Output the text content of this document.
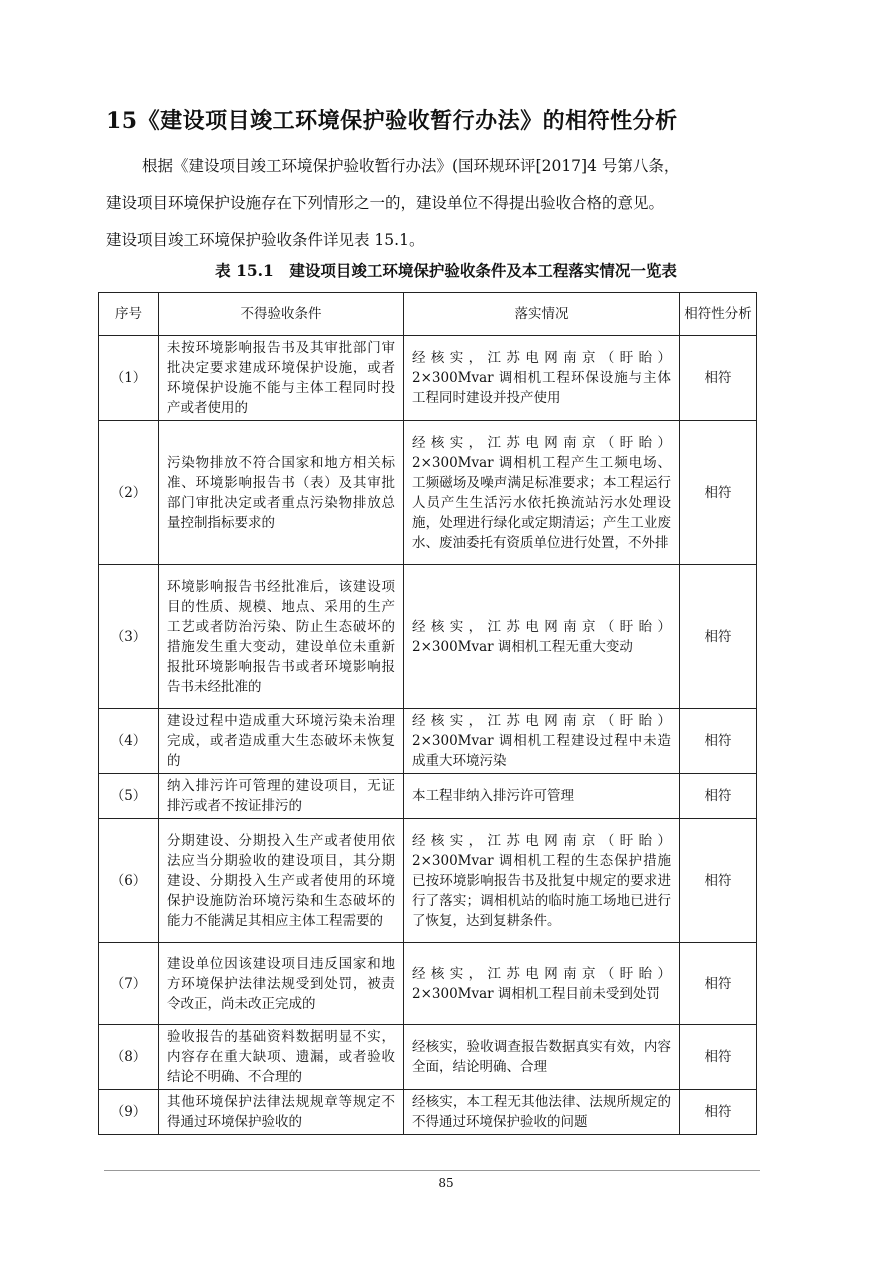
15《建设项目竣工环境保护验收暂行办法》的相符性分析

根据《建设项目竣工环境保护验收暂行办法》(国环规环评[2017]4 号第八条，

建设项目环境保护设施存在下列情形之一的，建设单位不得提出验收合格的意见。

建设项目竣工环境保护验收条件详见表 15.1。

表 15.1　建设项目竣工环境保护验收条件及本工程落实情况一览表
序号	不得验收条件	落实情况	相符性分析
（1）	未按环境影响报告书及其审批部门审批决定要求建成环境保护设施，或者环境保护设施不能与主体工程同时投产或者使用的	经核实，江苏电网南京（盱眙）2×300Mvar 调相机工程环保设施与主体工程同时建设并投产使用	相符
（2）	污染物排放不符合国家和地方相关标准、环境影响报告书（表）及其审批部门审批决定或者重点污染物排放总量控制指标要求的	经核实，江苏电网南京（盱眙）2×300Mvar 调相机工程产生工频电场、工频磁场及噪声满足标准要求；本工程运行人员产生生活污水依托换流站污水处理设施，处理进行绿化或定期清运；产生工业废水、废油委托有资质单位进行处置，不外排	相符
（3）	环境影响报告书经批准后，该建设项目的性质、规模、地点、采用的生产工艺或者防治污染、防止生态破坏的措施发生重大变动，建设单位未重新报批环境影响报告书或者环境影响报告书未经批准的	经核实，江苏电网南京（盱眙）2×300Mvar 调相机工程无重大变动	相符
（4）	建设过程中造成重大环境污染未治理完成，或者造成重大生态破坏未恢复的	经核实，江苏电网南京（盱眙）2×300Mvar 调相机工程建设过程中未造成重大环境污染	相符
（5）	纳入排污许可管理的建设项目，无证排污或者不按证排污的	本工程非纳入排污许可管理	相符
（6）	分期建设、分期投入生产或者使用依法应当分期验收的建设项目，其分期建设、分期投入生产或者使用的环境保护设施防治环境污染和生态破坏的能力不能满足其相应主体工程需要的	经核实，江苏电网南京（盱眙）2×300Mvar 调相机工程的生态保护措施已按环境影响报告书及批复中规定的要求进行了落实；调相机站的临时施工场地已进行了恢复，达到复耕条件。	相符
（7）	建设单位因该建设项目违反国家和地方环境保护法律法规受到处罚，被责令改正，尚未改正完成的	经核实，江苏电网南京（盱眙）2×300Mvar 调相机工程目前未受到处罚	相符
（8）	验收报告的基础资料数据明显不实，内容存在重大缺项、遗漏，或者验收结论不明确、不合理的	经核实，验收调查报告数据真实有效，内容全面，结论明确、合理	相符
（9）	其他环境保护法律法规规章等规定不得通过环境保护验收的	经核实，本工程无其他法律、法规所规定的不得通过环境保护验收的问题	相符
85
